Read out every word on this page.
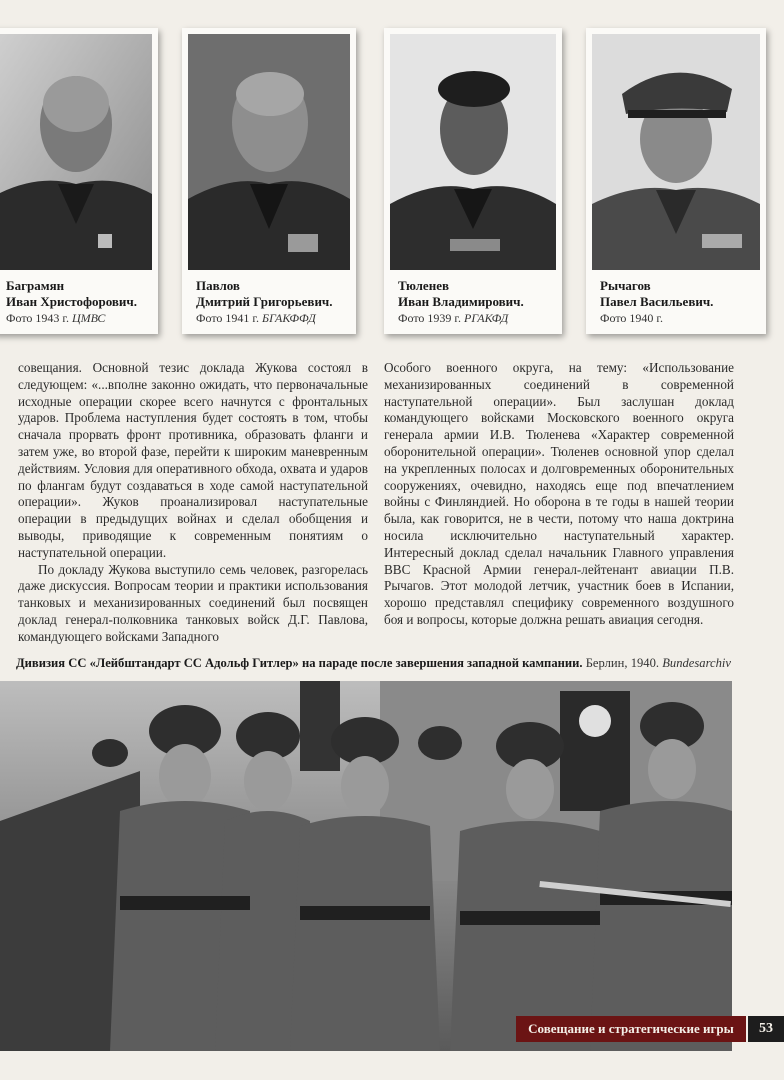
Баграмян
Иван Христофорович.
Фото 1943 г. ЦМВС
Павлов
Дмитрий Григорьевич.
Фото 1941 г. БГАКФФД
Тюленев
Иван Владимирович.
Фото 1939 г. РГАКФД
Рычагов
Павел Васильевич.
Фото 1940 г.

совещания. Основной тезис доклада Жукова состоял в следующем: «...вполне законно ожидать, что первоначальные исходные операции скорее всего начнутся с фронтальных ударов. Проблема наступления будет состоять в том, чтобы сначала прорвать фронт противника, образовать фланги и затем уже, во второй фазе, перейти к широким маневренным действиям. Условия для оперативного обхода, охвата и ударов по флангам будут создаваться в ходе самой наступательной операции». Жуков проанализировал наступательные операции в предыдущих войнах и сделал обобщения и выводы, приводящие к современным понятиям о наступательной операции.

По докладу Жукова выступило семь человек, разгорелась даже дискуссия. Вопросам теории и практики использования танковых и механизированных соединений был посвящен доклад генерал-полковника танковых войск Д.Г. Павлова, командующего войсками Западного

Особого военного округа, на тему: «Использование механизированных соединений в современной наступательной операции». Был заслушан доклад командующего войсками Московского военного округа генерала армии И.В. Тюленева «Характер современной оборонительной операции». Тюленев основной упор сделал на укрепленных полосах и долговременных оборонительных сооружениях, очевидно, находясь еще под впечатлением войны с Финляндией. Но оборона в те годы в нашей теории была, как говорится, не в чести, потому что наша доктрина носила исключительно наступательный характер. Интересный доклад сделал начальник Главного управления ВВС Красной Армии генерал-лейтенант авиации П.В. Рычагов. Этот молодой летчик, участник боев в Испании, хорошо представлял специфику современного воздушного боя и вопросы, которые должна решать авиация сегодня.

Дивизия СС «Лейбштандарт СС Адольф Гитлер» на параде после завершения западной кампании. Берлин, 1940. Bundesarchiv
Совещание и стратегические игры	53
